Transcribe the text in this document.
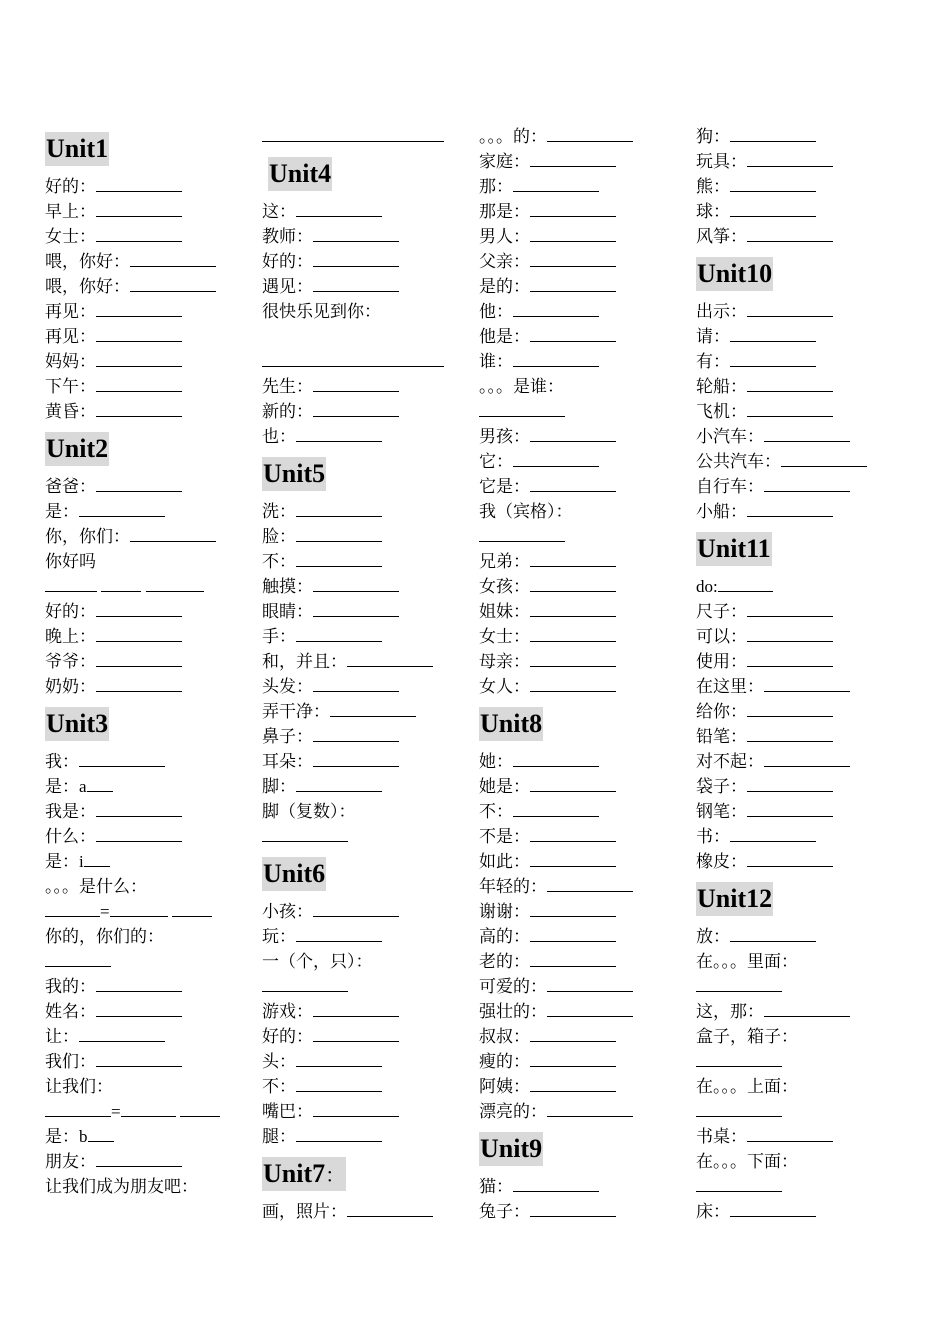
Unit1
好的：
早上：
女士：
喂，你好：
喂，你好：
再见：
再见：
妈妈：
下午：
黄昏：
Unit2
爸爸：
是：
你，你们：
你好吗

好的：
晚上：
爷爷：
奶奶：
Unit3
我：
是：a
我是：
什么：
是：i
。。。是什么：
=
你的，你们的：
我的：
姓名：
让：
我们：
让我们：
=
是：b
朋友：
让我们成为朋友吧：
Unit4
这：
教师：
好的：
遇见：
很快乐见到你：
先生：
新的：
也：
Unit5
洗：
脸：
不：
触摸：
眼睛：
手：
和，并且：
头发：
弄干净：
鼻子：
耳朵：
脚：
脚（复数）：
Unit6
小孩：
玩：
一（个，只）：
游戏：
好的：
头：
不：
嘴巴：
腿：
Unit7：
画，照片：
。。。的：
家庭：
那：
那是：
男人：
父亲：
是的：
他：
他是：
谁：
。。。是谁：
男孩：
它：
它是：
我（宾格）：
兄弟：
女孩：
姐妹：
女士：
母亲：
女人：
Unit8
她：
她是：
不：
不是：
如此：
年轻的：
谢谢：
高的：
老的：
可爱的：
强壮的：
叔叔：
瘦的：
阿姨：
漂亮的：
Unit9
猫：
兔子：
狗：
玩具：
熊：
球：
风筝：
Unit10
出示：
请：
有：
轮船：
飞机：
小汽车：
公共汽车：
自行车：
小船：
Unit11
do:
尺子：
可以：
使用：
在这里：
给你：
铅笔：
对不起：
袋子：
钢笔：
书：
橡皮：
Unit12
放：
在。。。里面：
这，那：
盒子，箱子：
在。。。上面：
书桌：
在。。。下面：
床：
